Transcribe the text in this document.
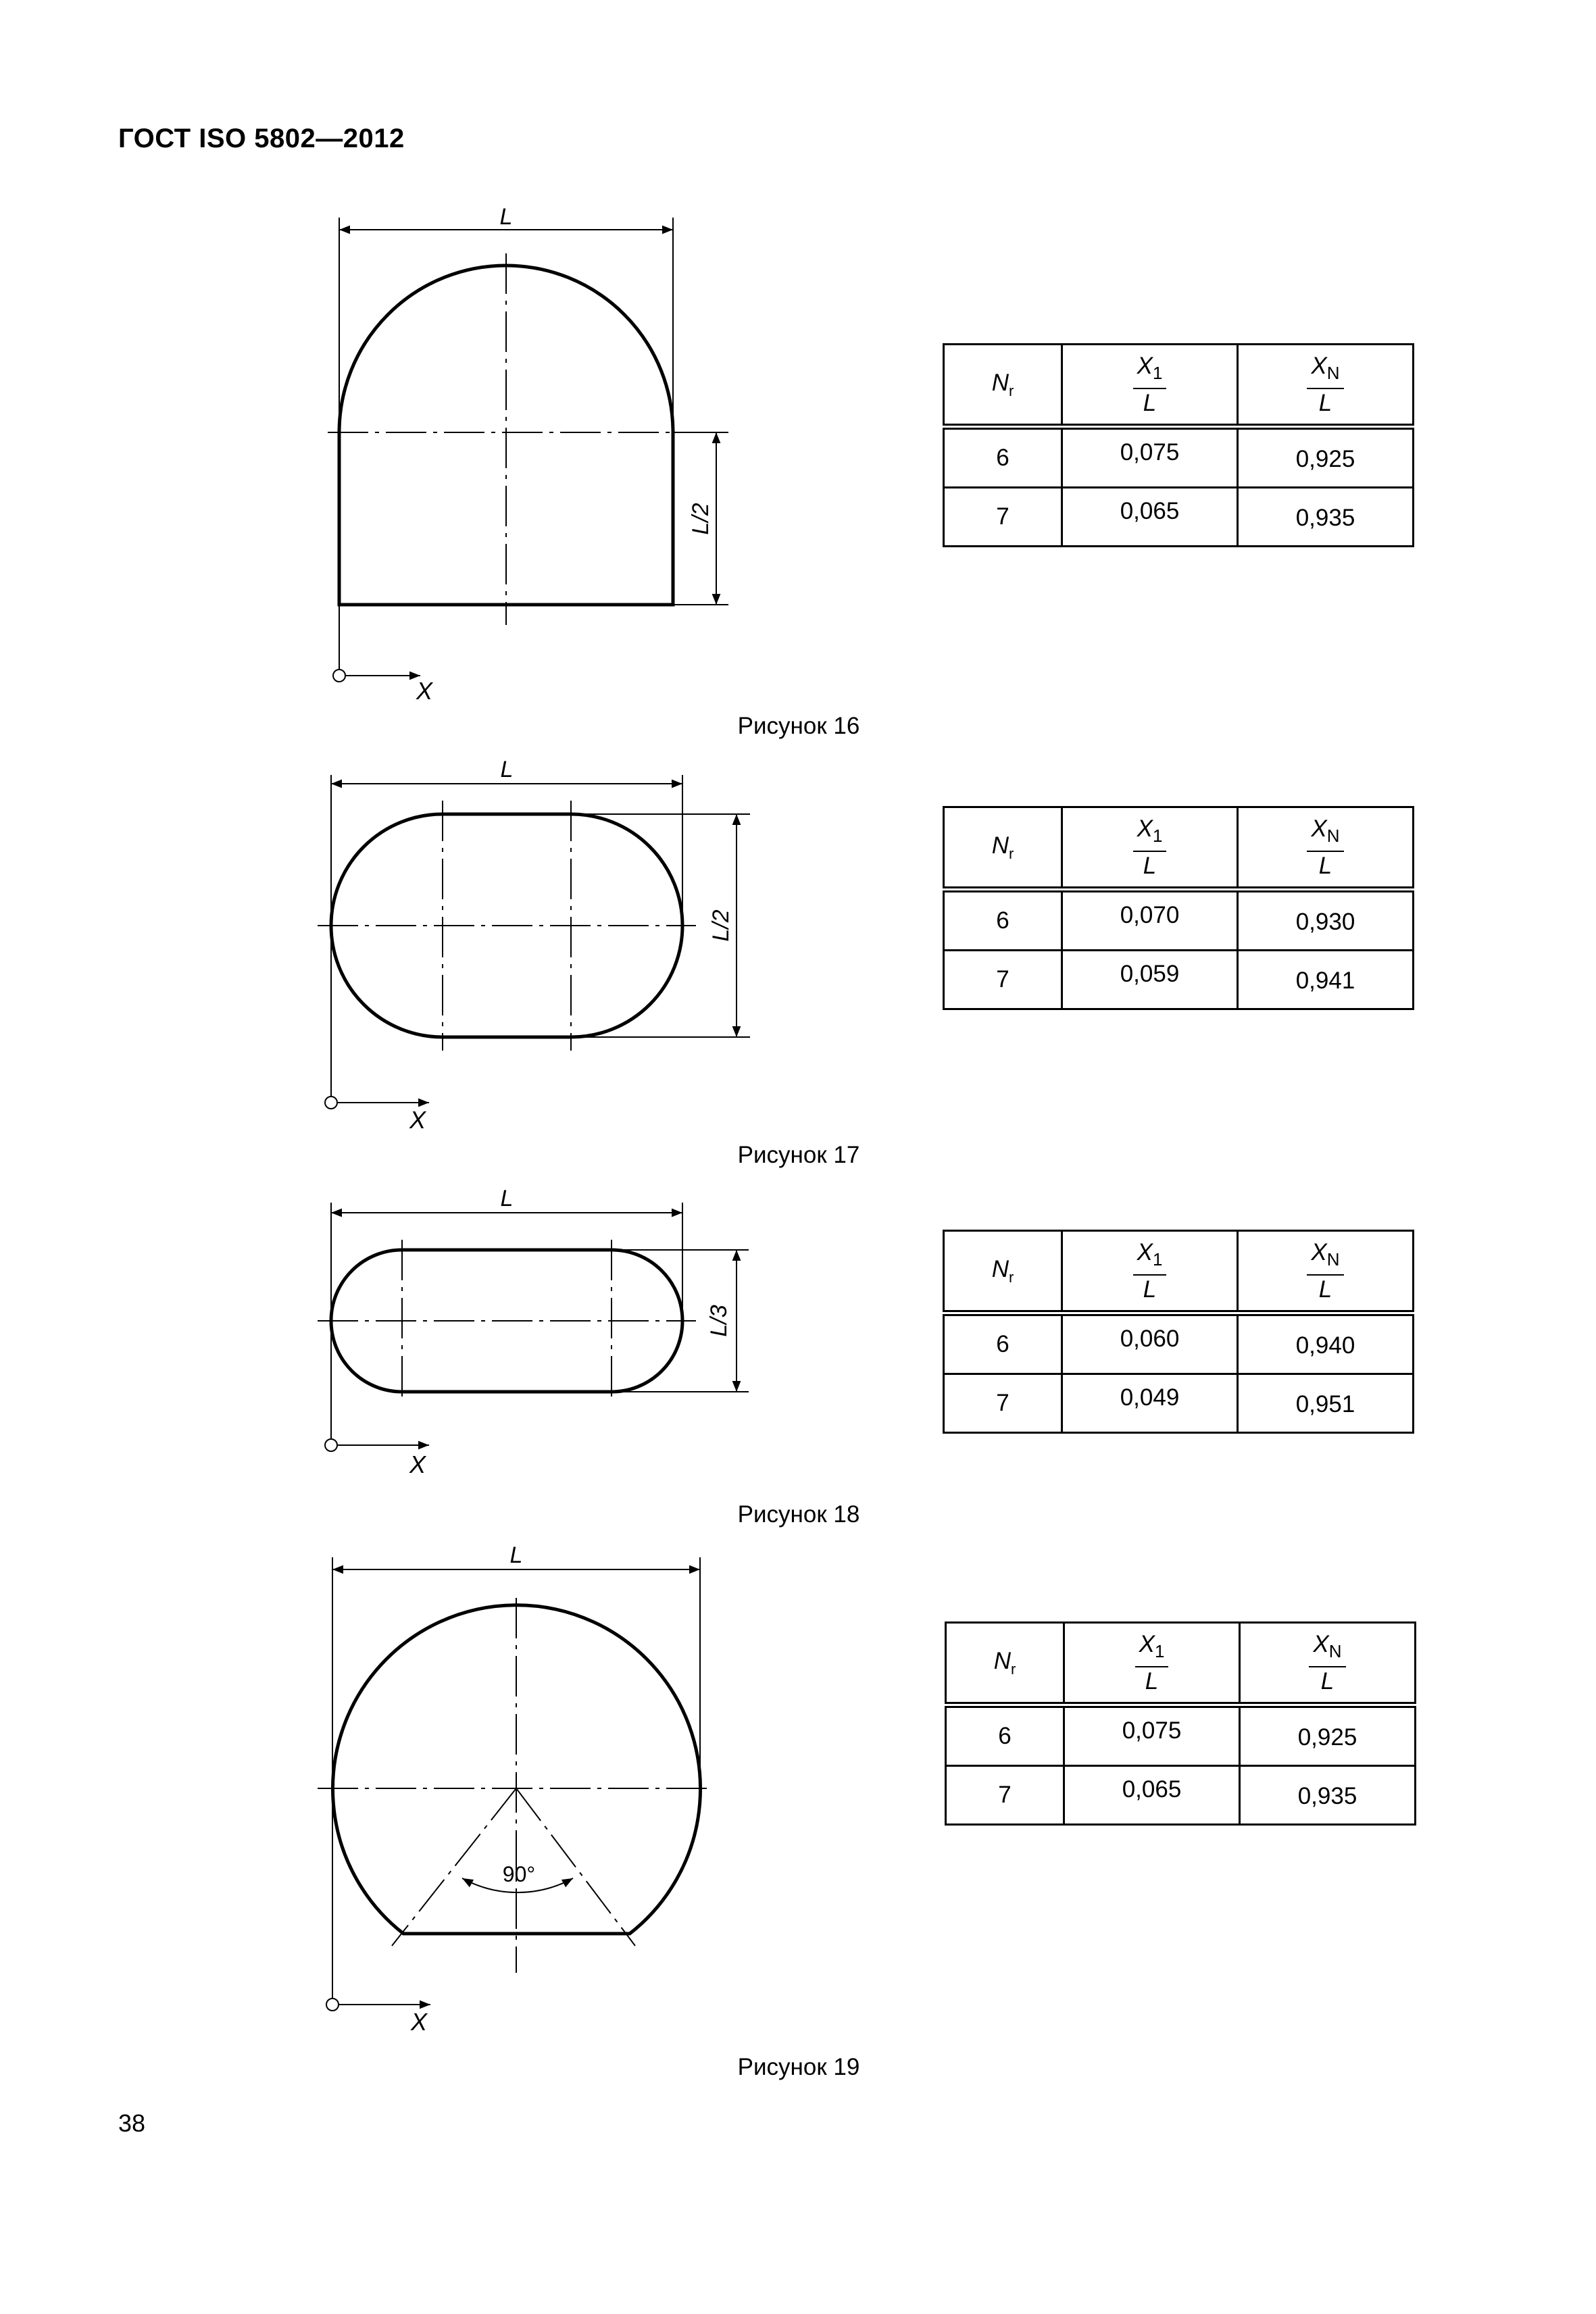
ГОСТ ISO 5802—2012
L
L/2
X
L
L/2
X
L
L/3
X
90°
L
X
Рисунок 16
Рисунок 17
Рисунок 18
Рисунок 19
$N_r$	$\frac{X_1}{L}$	$\frac{X_N}{L}$

6	0,075	0,925
7	0,065	0,935
$N_r$	$\frac{X_1}{L}$	$\frac{X_N}{L}$

6	0,070	0,930
7	0,059	0,941
$N_r$	$\frac{X_1}{L}$	$\frac{X_N}{L}$

6	0,060	0,940
7	0,049	0,951
$N_r$	$\frac{X_1}{L}$	$\frac{X_N}{L}$

6	0,075	0,925
7	0,065	0,935
38
